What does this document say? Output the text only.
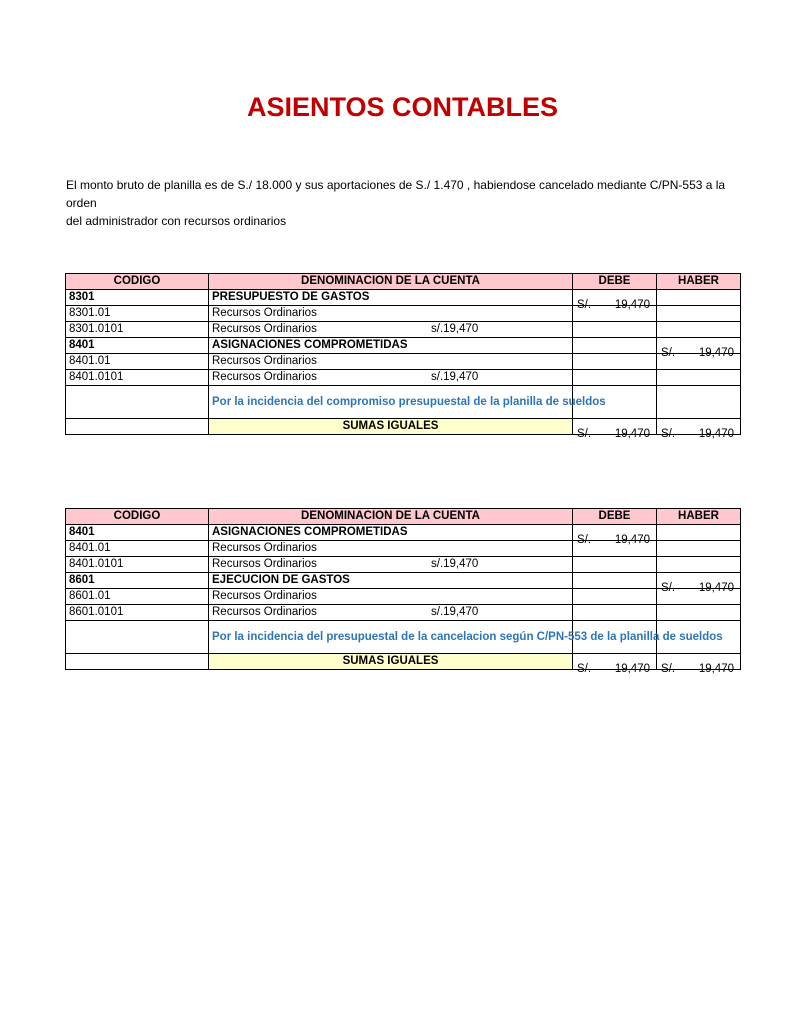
ASIENTOS CONTABLES
El monto bruto de planilla es de S./ 18.000 y sus aportaciones de S./ 1.470 , habiendose cancelado mediante C/PN-553 a la orden
del administrador con recursos ordinarios
CODIGO	DENOMINACION DE LA CUENTA	DEBE	HABER
8301	PRESUPUESTO DE GASTOS	S/. 19,470	

8301.01	Recursos Ordinarios

8301.0101	Recursos Ordinarios s/.19,470		

8401	ASIGNACIONES COMPROMETIDAS		S/. 19,470

8401.01	Recursos Ordinarios

8401.0101	Recursos Ordinarios s/.19,470		

	Por la incidencia del compromiso presupuestal de la planilla de sueldos		
	SUMAS IGUALES	S/. 19,470	S/. 19,470
CODIGO	DENOMINACION DE LA CUENTA	DEBE	HABER
8401	ASIGNACIONES COMPROMETIDAS	S/. 19,470	

8401.01	Recursos Ordinarios

8401.0101	Recursos Ordinarios s/.19,470		

8601	EJECUCION DE GASTOS		S/. 19,470

8601.01	Recursos Ordinarios

8601.0101	Recursos Ordinarios s/.19,470		

	Por la incidencia del presupuestal de la cancelacion según C/PN-553 de la planilla de sueldos		
	SUMAS IGUALES	S/. 19,470	S/. 19,470
